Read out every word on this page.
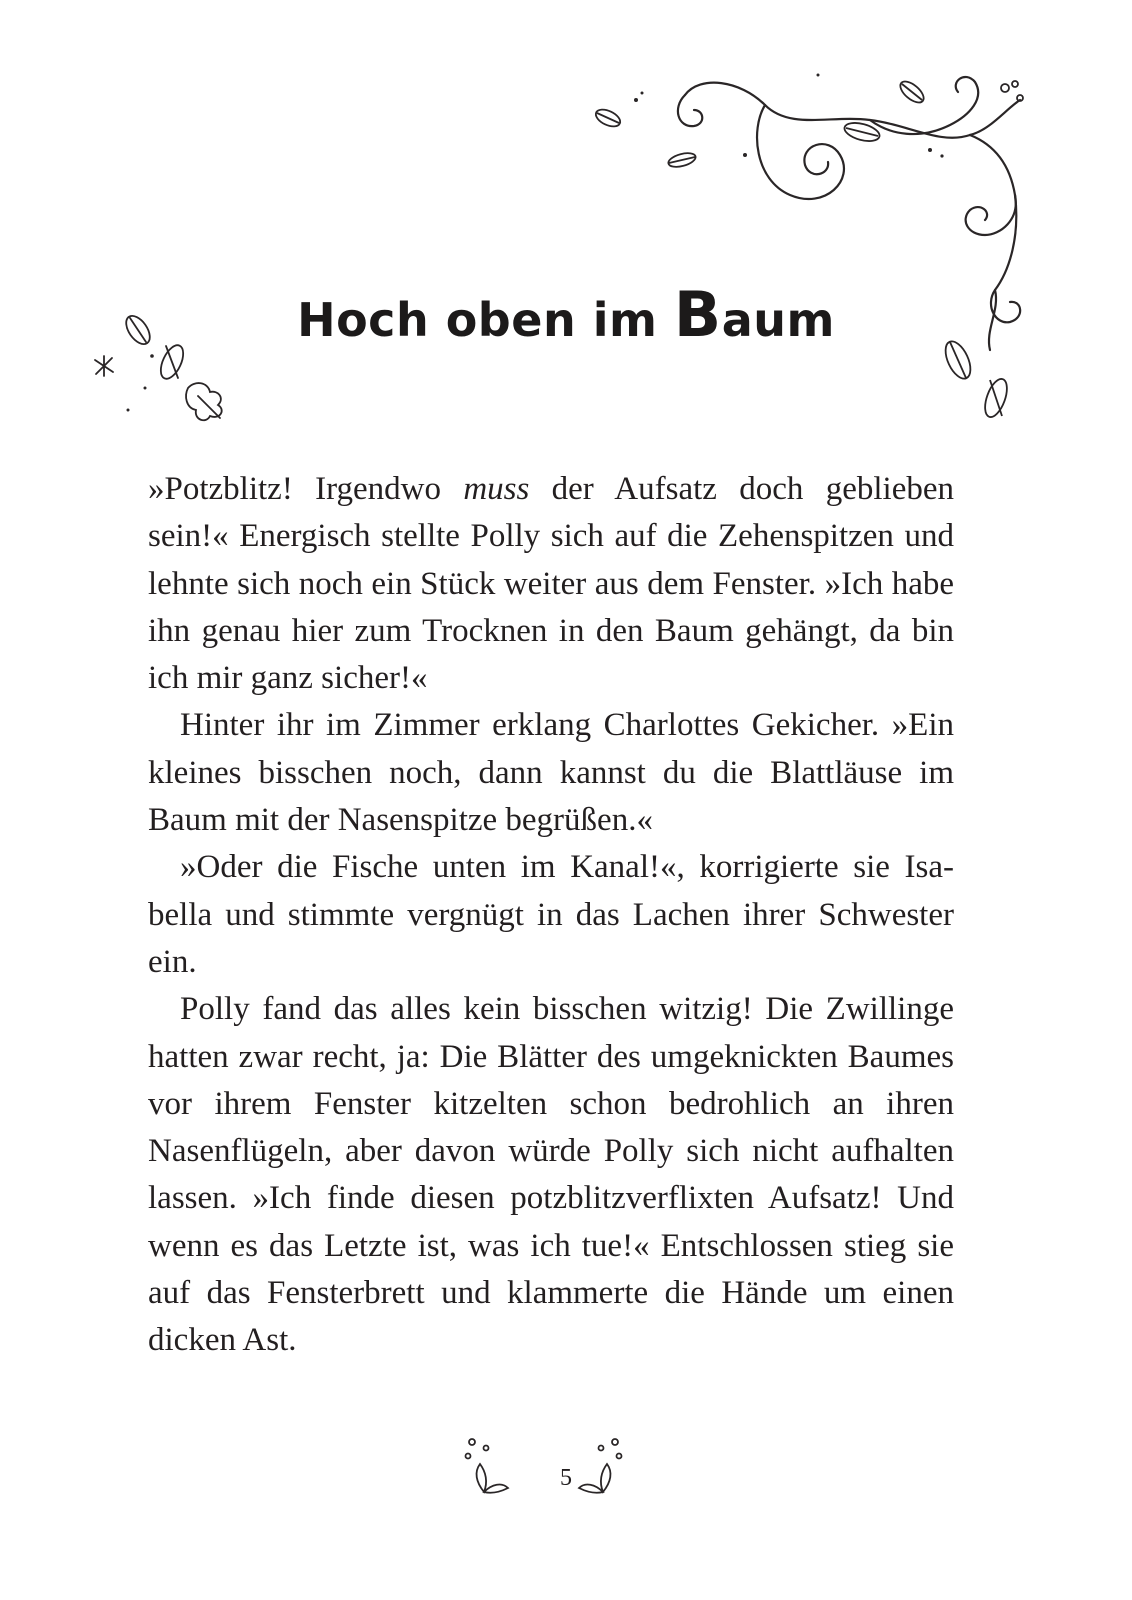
Hoch oben im Baum

»Potzblitz! Irgendwo muss der Aufsatz doch geblieben sein!« Energisch stellte Polly sich auf die Zehenspitzen und lehnte sich noch ein Stück weiter aus dem Fenster. »Ich habe ihn genau hier zum Trocknen in den Baum gehängt, da bin ich mir ganz sicher!«

Hinter ihr im Zimmer erklang Charlottes Gekicher. »Ein kleines bisschen noch, dann kannst du die Blattläuse im Baum mit der Nasenspitze begrüßen.«

»Oder die Fische unten im Kanal!«, korrigierte sie Isabella und stimmte vergnügt in das Lachen ihrer Schwester ein.

Polly fand das alles kein bisschen witzig! Die Zwillinge hatten zwar recht, ja: Die Blätter des umgeknickten Baumes vor ihrem Fenster kitzelten schon bedrohlich an ihren Nasenflügeln, aber davon würde Polly sich nicht aufhalten lassen. »Ich finde diesen potzblitzverflixten Aufsatz! Und wenn es das Letzte ist, was ich tue!« Entschlossen stieg sie auf das Fensterbrett und klammerte die Hände um einen dicken Ast.

5
